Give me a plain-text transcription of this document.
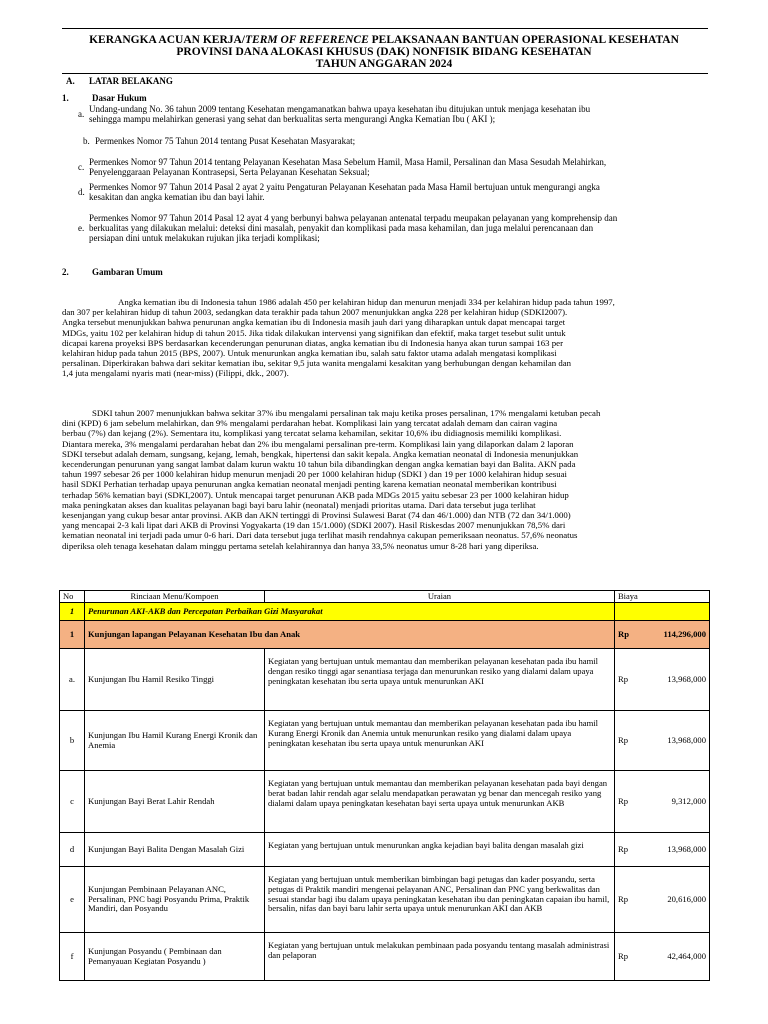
KERANGKA ACUAN KERJA/TERM OF REFERENCE PELAKSANAAN BANTUAN OPERASIONAL KESEHATAN
PROVINSI DANA ALOKASI KHUSUS (DAK) NONFISIK BIDANG KESEHATAN
TAHUN ANGGARAN 2024
A. LATAR BELAKANG
1.	Dasar Hukum
a.
Undang-undang No. 36 tahun 2009 tentang Kesehatan mengamanatkan bahwa upaya kesehatan ibu ditujukan untuk menjaga kesehatan ibu
sehingga mampu melahirkan generasi yang sehat dan berkualitas serta mengurangi Angka Kematian Ibu ( AKI );
b. Permenkes Nomor 75 Tahun 2014 tentang Pusat Kesehatan Masyarakat;
c.
Permenkes Nomor 97 Tahun 2014 tentang Pelayanan Kesehatan Masa Sebelum Hamil, Masa Hamil, Persalinan dan Masa Sesudah Melahirkan,
Penyelenggaraan Pelayanan Kontrasepsi, Serta Pelayanan Kesehatan Seksual;
d.
Permenkes Nomor 97 Tahun 2014 Pasal 2 ayat 2 yaitu Pengaturan Pelayanan Kesehatan pada Masa Hamil bertujuan untuk mengurangi angka
kesakitan dan angka kematian ibu dan bayi lahir.
e.
Permenkes Nomor 97 Tahun 2014 Pasal 12 ayat 4 yang berbunyi bahwa pelayanan antenatal terpadu meupakan pelayanan yang komprehensip dan
berkualitas yang dilakukan melalui: deteksi dini masalah, penyakit dan komplikasi pada masa kehamilan, dan juga melalui perencanaan dan
persiapan dini untuk melakukan rujukan jika terjadi komplikasi;
2.	Gambaran Umum
Angka kematian ibu di Indonesia tahun 1986 adalah 450 per kelahiran hidup dan menurun menjadi 334 per kelahiran hidup pada tahun 1997,
dan 307 per kelahiran hidup di tahun 2003, sedangkan data terakhir pada tahun 2007 menunjukkan angka 228 per kelahiran hidup (SDKI2007).
Angka tersebut menunjukkan bahwa penurunan angka kematian ibu di Indonesia masih jauh dari yang diharapkan untuk dapat mencapai target
MDGs, yaitu 102 per kelahiran hidup di tahun 2015. Jika tidak dilakukan intervensi yang signifikan dan efektif, maka target tesebut sulit untuk
dicapai karena proyeksi BPS berdasarkan kecenderungan penurunan diatas, angka kematian ibu di Indonesia hanya akan turun sampai 163 per
kelahiran hidup pada tahun 2015 (BPS, 2007). Untuk menurunkan angka kematian ibu, salah satu faktor utama adalah mengatasi komplikasi
persalinan. Diperkirakan bahwa dari sekitar kematian ibu, sekitar 9,5 juta wanita mengalami kesakitan yang berhubungan dengan kehamilan dan
1,4 juta mengalami nyaris mati (near-miss) (Filippi, dkk., 2007).
SDKI tahun 2007 menunjukkan bahwa sekitar 37% ibu mengalami persalinan tak maju ketika proses persalinan, 17% mengalami ketuban pecah
dini (KPD) 6 jam sebelum melahirkan, dan 9% mengalami perdarahan hebat. Komplikasi lain yang tercatat adalah demam dan cairan vagina
berbau (7%) dan kejang (2%). Sementara itu, komplikasi yang tercatat selama kehamilan, sekitar 10,6% ibu didiagnosis memiliki komplikasi.
Diantara mereka, 3% mengalami perdarahan hebat dan 2% ibu mengalami persalinan pre-term. Komplikasi lain yang dilaporkan dalam 2 laporan
SDKI tersebut adalah demam, sungsang, kejang, lemah, bengkak, hipertensi dan sakit kepala. Angka kematian neonatal di Indonesia menunjukkan
kecenderungan penurunan yang sangat lambat dalam kurun waktu 10 tahun bila dibandingkan dengan angka kematian bayi dan Balita. AKN pada
tahun 1997 sebesar 26 per 1000 kelahiran hidup menurun menjadi 20 per 1000 kelahiran hidup (SDKI ) dan 19 per 1000 kelahiran hidup sesuai
hasil SDKI Perhatian terhadap upaya penurunan angka kematian neonatal menjadi penting karena kematian neonatal memberikan kontribusi
terhadap 56% kematian bayi (SDKI,2007). Untuk mencapai target penurunan AKB pada MDGs 2015 yaitu sebesar 23 per 1000 kelahiran hidup
maka peningkatan akses dan kualitas pelayanan bagi bayi baru lahir (neonatal) menjadi prioritas utama. Dari data tersebut juga terlihat
kesenjangan yang cukup besar antar provinsi. AKB dan AKN tertinggi di Provinsi Sulawesi Barat (74 dan 46/1.000) dan NTB (72 dan 34/1.000)
yang mencapai 2-3 kali lipat dari AKB di Provinsi Yogyakarta (19 dan 15/1.000) (SDKI 2007). Hasil Riskesdas 2007 menunjukkan 78,5% dari
kematian neonatal ini terjadi pada umur 0-6 hari. Dari data tersebut juga terlihat masih rendahnya cakupan pemeriksaan neonatus. 57,6% neonatus
diperiksa oleh tenaga kesehatan dalam minggu pertama setelah kelahirannya dan hanya 33,5% neonatus umur 8-28 hari yang diperiksa.
No	Rinciaan Menu/Kompoen	Uraian	Biaya
1	Penurunan AKI-AKB dan Percepatan Perbaikan Gizi Masyarakat		
1	Kunjungan lapangan Pelayanan Kesehatan Ibu dan Anak		Rp 114,296,000

a.	Kunjungan Ibu Hamil Resiko Tinggi	Kegiatan yang bertujuan untuk memantau dan memberikan pelayanan kesehatan pada ibu hamil dengan resiko tinggi agar senantiasa terjaga dan menurunkan resiko yang dialami dalam upaya peningkatan kesehatan ibu serta upaya untuk menurunkan AKI	Rp 13,968,000

b	Kunjungan Ibu Hamil Kurang Energi Kronik dan Anemia	Kegiatan yang bertujuan untuk memantau dan memberikan pelayanan kesehatan pada ibu hamil Kurang Energi Kronik dan Anemia untuk menurunkan resiko yang dialami dalam upaya peningkatan kesehatan ibu serta upaya untuk menurunkan AKI	Rp 13,968,000

c	Kunjungan Bayi Berat Lahir Rendah	Kegiatan yang bertujuan untuk memantau dan memberikan pelayanan kesehatan pada bayi dengan berat badan lahir rendah agar selalu mendapatkan perawatan yg benar dan mencegah resiko yang dialami dalam upaya peningkatan kesehatan bayi serta upaya untuk menurunkan AKB	Rp 9,312,000

d	Kunjungan Bayi Balita Dengan Masalah Gizi	Kegiatan yang bertujuan untuk menurunkan angka kejadian bayi balita dengan masalah gizi	Rp 13,968,000

e	Kunjungan Pembinaan Pelayanan ANC, Persalinan, PNC bagi Posyandu Prima, Praktik Mandiri, dan Posyandu	Kegiatan yang bertujuan untuk memberikan bimbingan bagi petugas dan kader posyandu, serta petugas di Praktik mandiri mengenai pelayanan ANC, Persalinan dan PNC yang berkwalitas dan sesuai standar bagi ibu dalam upaya peningkatan kesehatan ibu dan peningkatan capaian ibu hamil, bersalin, nifas dan bayi baru lahir serta upaya untuk menurunkan AKI dan AKB	Rp 20,616,000

f	Kunjungan Posyandu ( Pembinaan dan Pemanyauan Kegiatan Posyandu )	Kegiatan yang bertujuan untuk melakukan pembinaan pada posyandu tentang masalah administrasi dan pelaporan	Rp 42,464,000
